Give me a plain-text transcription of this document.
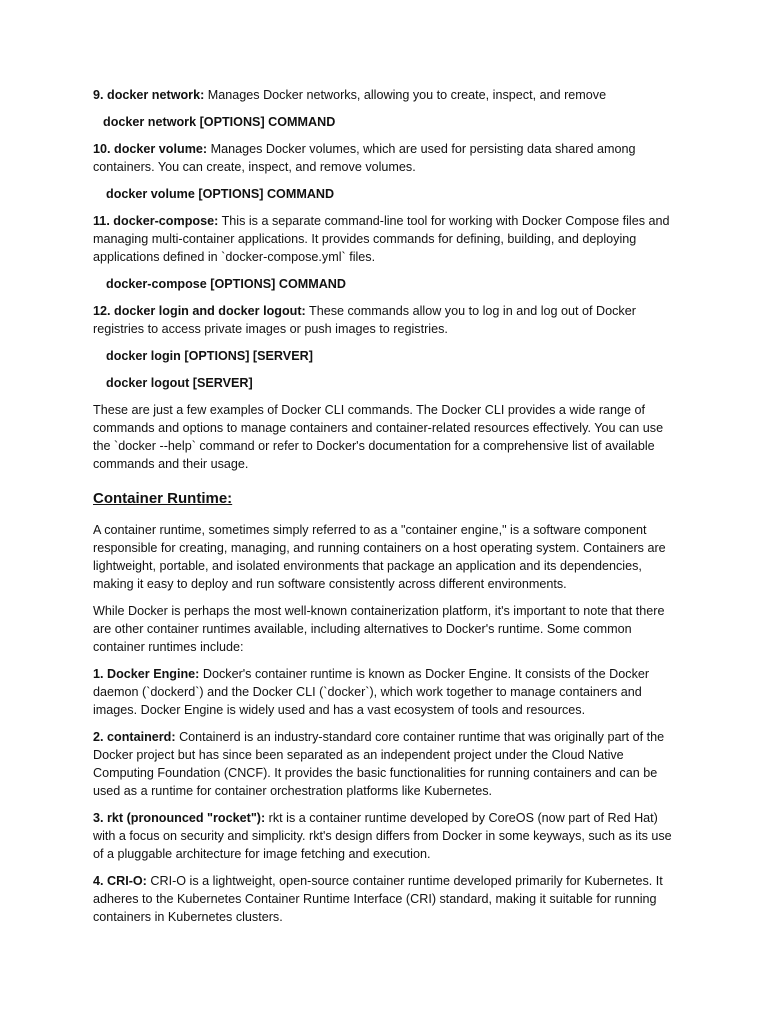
9. docker network: Manages Docker networks, allowing you to create, inspect, and remove

docker network [OPTIONS] COMMAND

10. docker volume: Manages Docker volumes, which are used for persisting data shared among containers. You can create, inspect, and remove volumes.

docker volume [OPTIONS] COMMAND

11. docker-compose: This is a separate command-line tool for working with Docker Compose files and managing multi-container applications. It provides commands for defining, building, and deploying applications defined in `docker-compose.yml` files.

docker-compose [OPTIONS] COMMAND

12. docker login and docker logout: These commands allow you to log in and log out of Docker registries to access private images or push images to registries.

docker login [OPTIONS] [SERVER]
docker logout [SERVER]

These are just a few examples of Docker CLI commands. The Docker CLI provides a wide range of commands and options to manage containers and container-related resources effectively. You can use the `docker --help` command or refer to Docker's documentation for a comprehensive list of available commands and their usage.

Container Runtime:

A container runtime, sometimes simply referred to as a "container engine," is a software component responsible for creating, managing, and running containers on a host operating system. Containers are lightweight, portable, and isolated environments that package an application and its dependencies, making it easy to deploy and run software consistently across different environments.

While Docker is perhaps the most well-known containerization platform, it's important to note that there are other container runtimes available, including alternatives to Docker's runtime. Some common container runtimes include:

1. Docker Engine: Docker's container runtime is known as Docker Engine. It consists of the Docker daemon (`dockerd`) and the Docker CLI (`docker`), which work together to manage containers and images. Docker Engine is widely used and has a vast ecosystem of tools and resources.

2. containerd: Containerd is an industry-standard core container runtime that was originally part of the Docker project but has since been separated as an independent project under the Cloud Native Computing Foundation (CNCF). It provides the basic functionalities for running containers and can be used as a runtime for container orchestration platforms like Kubernetes.

3. rkt (pronounced "rocket"): rkt is a container runtime developed by CoreOS (now part of Red Hat) with a focus on security and simplicity. rkt's design differs from Docker in some keyways, such as its use of a pluggable architecture for image fetching and execution.

4. CRI-O: CRI-O is a lightweight, open-source container runtime developed primarily for Kubernetes. It adheres to the Kubernetes Container Runtime Interface (CRI) standard, making it suitable for running containers in Kubernetes clusters.
